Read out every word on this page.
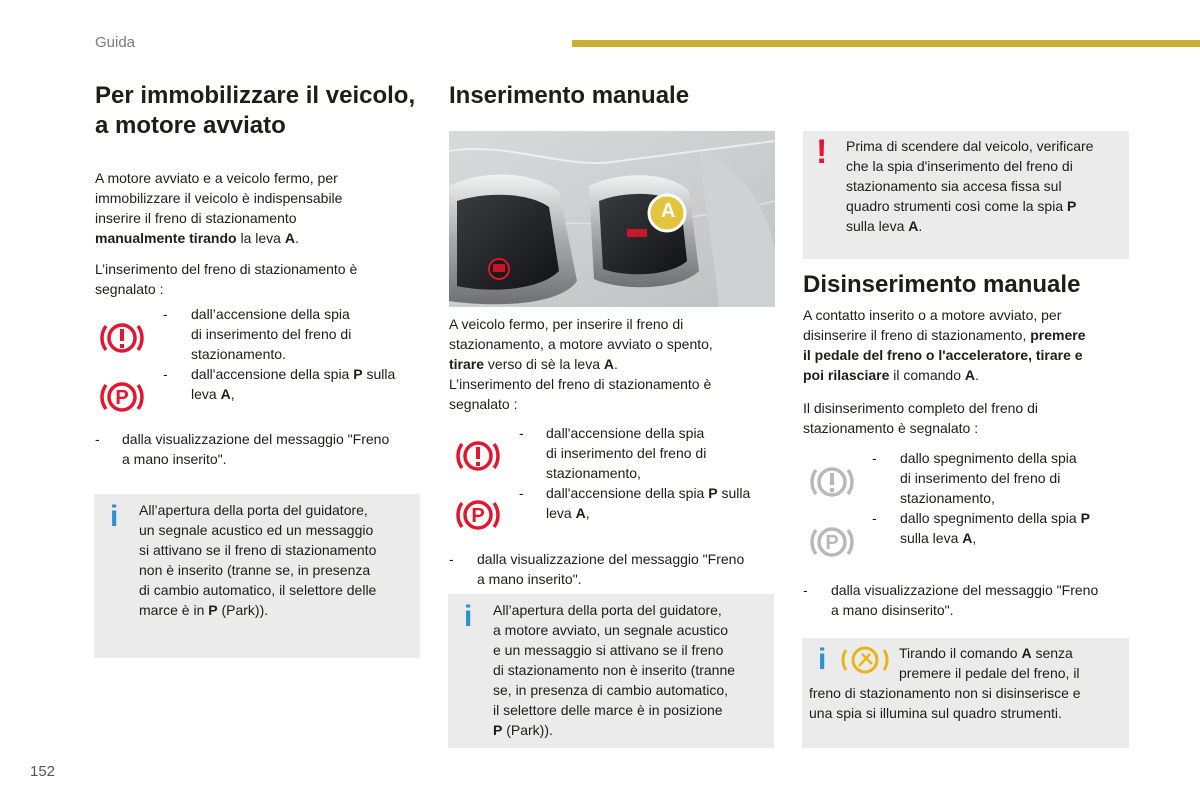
Guida
Per immobilizzare il veicolo,
a motore avviato
A motore avviato e a veicolo fermo, per
immobilizzare il veicolo è indispensabile
inserire il freno di stazionamento
manualmente tirando la leva A.
L’inserimento del freno di stazionamento è
segnalato :
P
- dall’accensione della spia
di inserimento del freno di
stazionamento.
- dall'accensione della spia P sulla
leva A,
- dalla visualizzazione del messaggio "Freno
a mano inserito".
i All’apertura della porta del guidatore,
un segnale acustico ed un messaggio
si attivano se il freno di stazionamento
non è inserito (tranne se, in presenza
di cambio automatico, il selettore delle
marce è in P (Park)).
Inserimento manuale
A
A veicolo fermo, per inserire il freno di
stazionamento, a motore avviato o spento,
tirare verso di sè la leva A.
L’inserimento del freno di stazionamento è
segnalato :
P
- dall'accensione della spia
di inserimento del freno di
stazionamento,
- dall'accensione della spia P sulla
leva A,
- dalla visualizzazione del messaggio "Freno
a mano inserito".
i All’apertura della porta del guidatore,
a motore avviato, un segnale acustico
e un messaggio si attivano se il freno
di stazionamento non è inserito (tranne
se, in presenza di cambio automatico,
il selettore delle marce è in posizione
P (Park)).
! Prima di scendere dal veicolo, verificare
che la spia d'inserimento del freno di
stazionamento sia accesa fissa sul
quadro strumenti così come la spia P
sulla leva A.
Disinserimento manuale
A contatto inserito o a motore avviato, per
disinserire il freno di stazionamento, premere
il pedale del freno o l'acceleratore, tirare e
poi rilasciare il comando A.
Il disinserimento completo del freno di
stazionamento è segnalato :
P
- dallo spegnimento della spia
di inserimento del freno di
stazionamento,
- dallo spegnimento della spia P
sulla leva A,
- dalla visualizzazione del messaggio "Freno
a mano disinserito".
i	Tirando il comando A senza
premere il pedale del freno, il
freno di stazionamento non si disinserisce e
una spia si illumina sul quadro strumenti.
152
